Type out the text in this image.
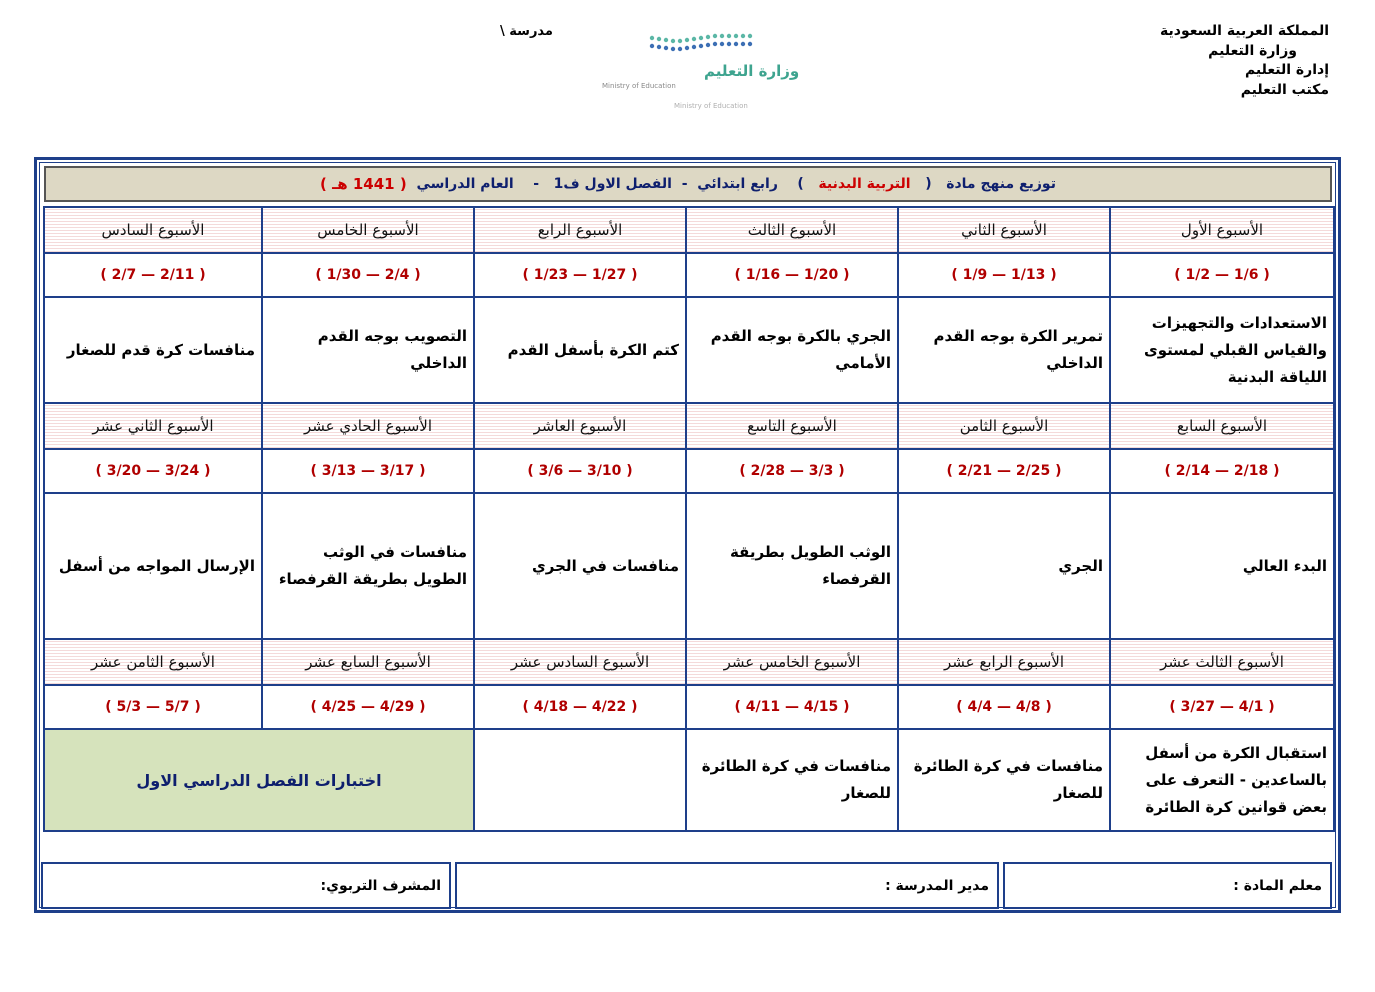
المملكة العربية السعودية
وزارة التعليم
إدارة التعليم
مكتب التعليم
مدرسة \
وزارة التعليم
Ministry of Education
Ministry of Education
توزيع منهج مادة

(

التربية البدنية

)

رابع ابتدائي

-

الفصل الاول ف1

-

العام الدراسي

( 1441 هـ )
الأسبوع الأول	الأسبوع الثاني	الأسبوع الثالث	الأسبوع الرابع	الأسبوع الخامس	الأسبوع السادس
( 1/2 — 1/6 )	( 1/9 — 1/13 )	( 1/16 — 1/20 )	( 1/23 — 1/27 )	( 1/30 — 2/4 )	( 2/7 — 2/11 )
الاستعدادات والتجهيزات والقياس القبلي لمستوى اللياقة البدنية	تمرير الكرة بوجه القدم الداخلي	الجري بالكرة بوجه القدم الأمامي	كتم الكرة بأسفل القدم	التصويب بوجه القدم الداخلي	منافسات كرة قدم للصغار
الأسبوع السابع	الأسبوع الثامن	الأسبوع التاسع	الأسبوع العاشر	الأسبوع الحادي عشر	الأسبوع الثاني عشر
( 2/14 — 2/18 )	( 2/21 — 2/25 )	( 2/28 — 3/3 )	( 3/6 — 3/10 )	( 3/13 — 3/17 )	( 3/20 — 3/24 )
البدء العالي	الجري	الوثب الطويل بطريقة القرفصاء	منافسات في الجري	منافسات في الوثب الطويل بطريقة القرفصاء	الإرسال المواجه من أسفل
الأسبوع الثالث عشر	الأسبوع الرابع عشر	الأسبوع الخامس عشر	الأسبوع السادس عشر	الأسبوع السابع عشر	الأسبوع الثامن عشر
( 3/27 — 4/1 )	( 4/4 — 4/8 )	( 4/11 — 4/15 )	( 4/18 — 4/22 )	( 4/25 — 4/29 )	( 5/3 — 5/7 )
استقبال الكرة من أسفل بالساعدين - التعرف على بعض قوانين كرة الطائرة	منافسات في كرة الطائرة للصغار	منافسات في كرة الطائرة للصغار		اختبارات الفصل الدراسي الاول	
معلم المادة :
مدير المدرسة :
المشرف التربوي:
